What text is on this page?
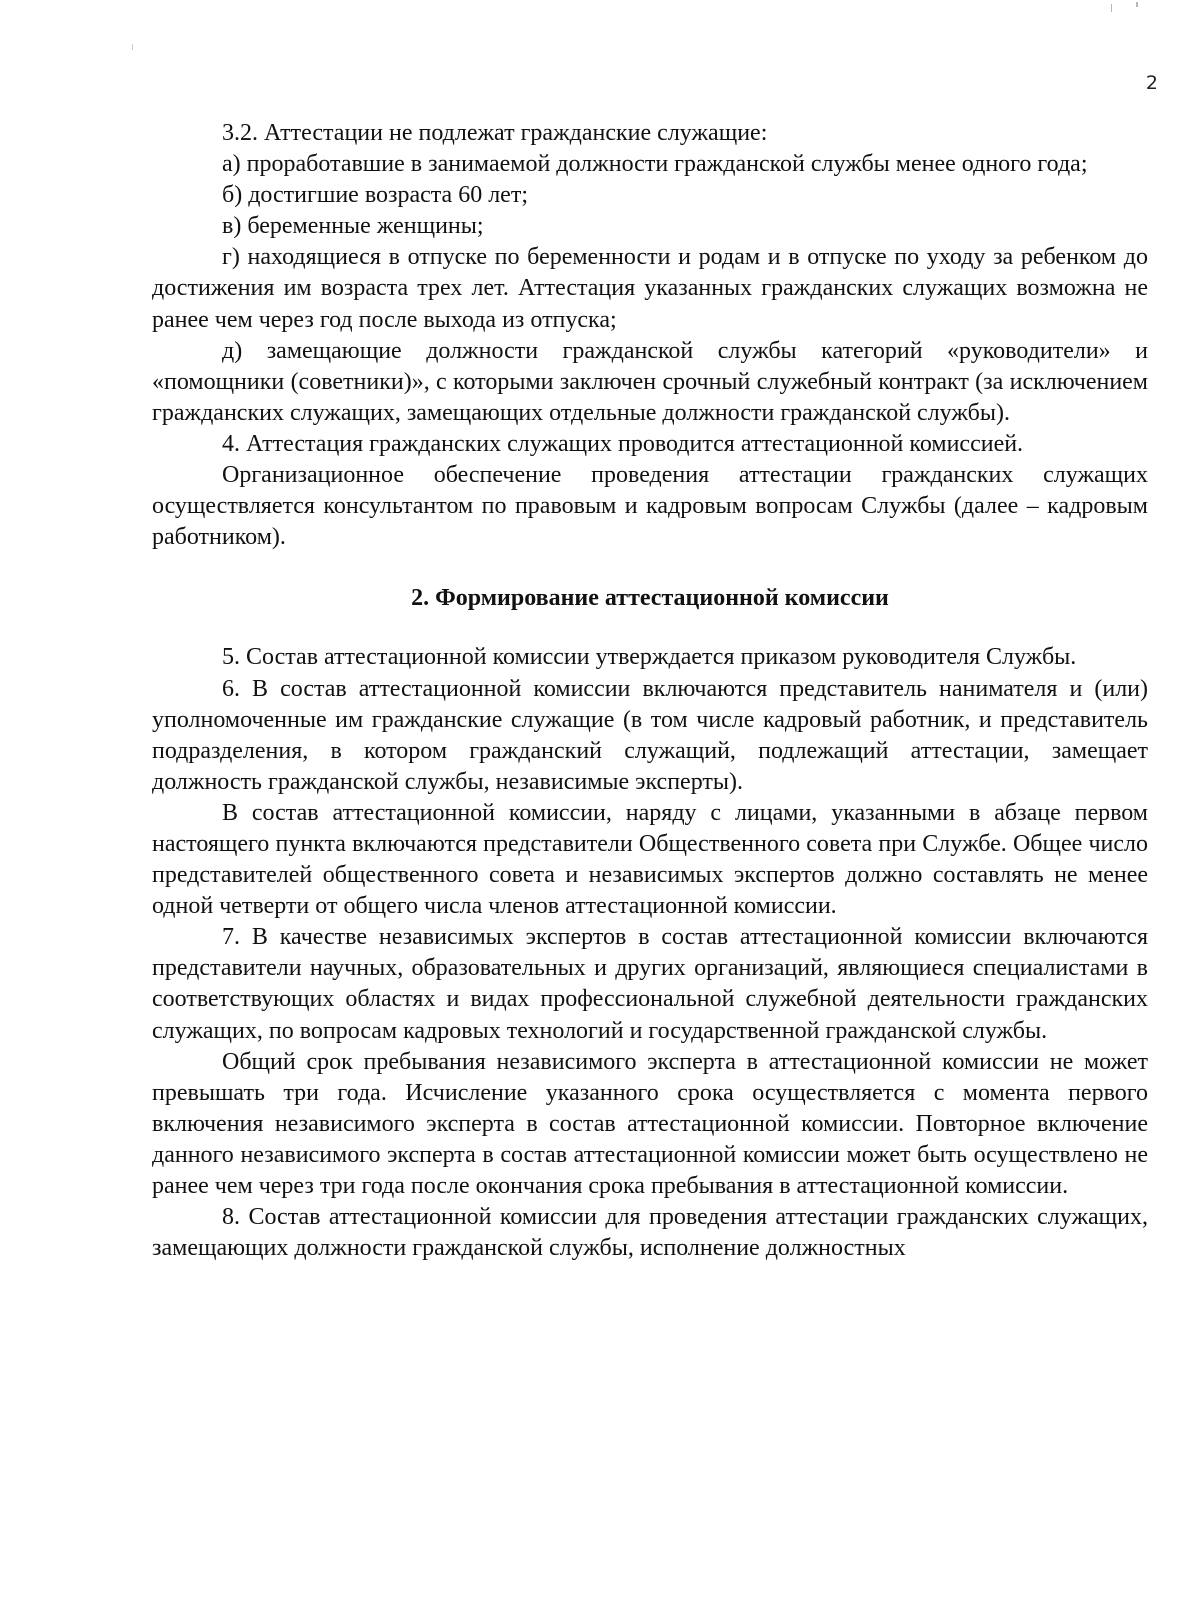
2

3.2. Аттестации не подлежат гражданские служащие:

а) проработавшие в занимаемой должности гражданской службы менее одного года;

б) достигшие возраста 60 лет;

в) беременные женщины;

г) находящиеся в отпуске по беременности и родам и в отпуске по уходу за ребенком до достижения им возраста трех лет. Аттестация указанных гражданских служащих возможна не ранее чем через год после выхода из отпуска;

д) замещающие должности гражданской службы категорий «руководители» и «помощники (советники)», с которыми заключен срочный служебный контракт (за исключением гражданских служащих, замещающих отдельные должности гражданской службы).

4. Аттестация гражданских служащих проводится аттестационной комиссией.

Организационное обеспечение проведения аттестации гражданских служащих осуществляется консультантом по правовым и кадровым вопросам Службы (далее – кадровым работником).

2. Формирование аттестационной комиссии

5. Состав аттестационной комиссии утверждается приказом руководителя Службы.

6. В состав аттестационной комиссии включаются представитель нанимателя и (или) уполномоченные им гражданские служащие (в том числе кадровый работник, и представитель подразделения, в котором гражданский служащий, подлежащий аттестации, замещает должность гражданской службы, независимые эксперты).

В состав аттестационной комиссии, наряду с лицами, указанными в абзаце первом настоящего пункта включаются представители Общественного совета при Службе. Общее число представителей общественного совета и независимых экспертов должно составлять не менее одной четверти от общего числа членов аттестационной комиссии.

7. В качестве независимых экспертов в состав аттестационной комиссии включаются представители научных, образовательных и других организаций, являющиеся специалистами в соответствующих областях и видах профессиональной служебной деятельности гражданских служащих, по вопросам кадровых технологий и государственной гражданской службы.

Общий срок пребывания независимого эксперта в аттестационной комиссии не может превышать три года. Исчисление указанного срока осуществляется с момента первого включения независимого эксперта в состав аттестационной комиссии. Повторное включение данного независимого эксперта в состав аттестационной комиссии может быть осуществлено не ранее чем через три года после окончания срока пребывания в аттестационной комиссии.

8. Состав аттестационной комиссии для проведения аттестации гражданских служащих, замещающих должности гражданской службы, исполнение должностных
